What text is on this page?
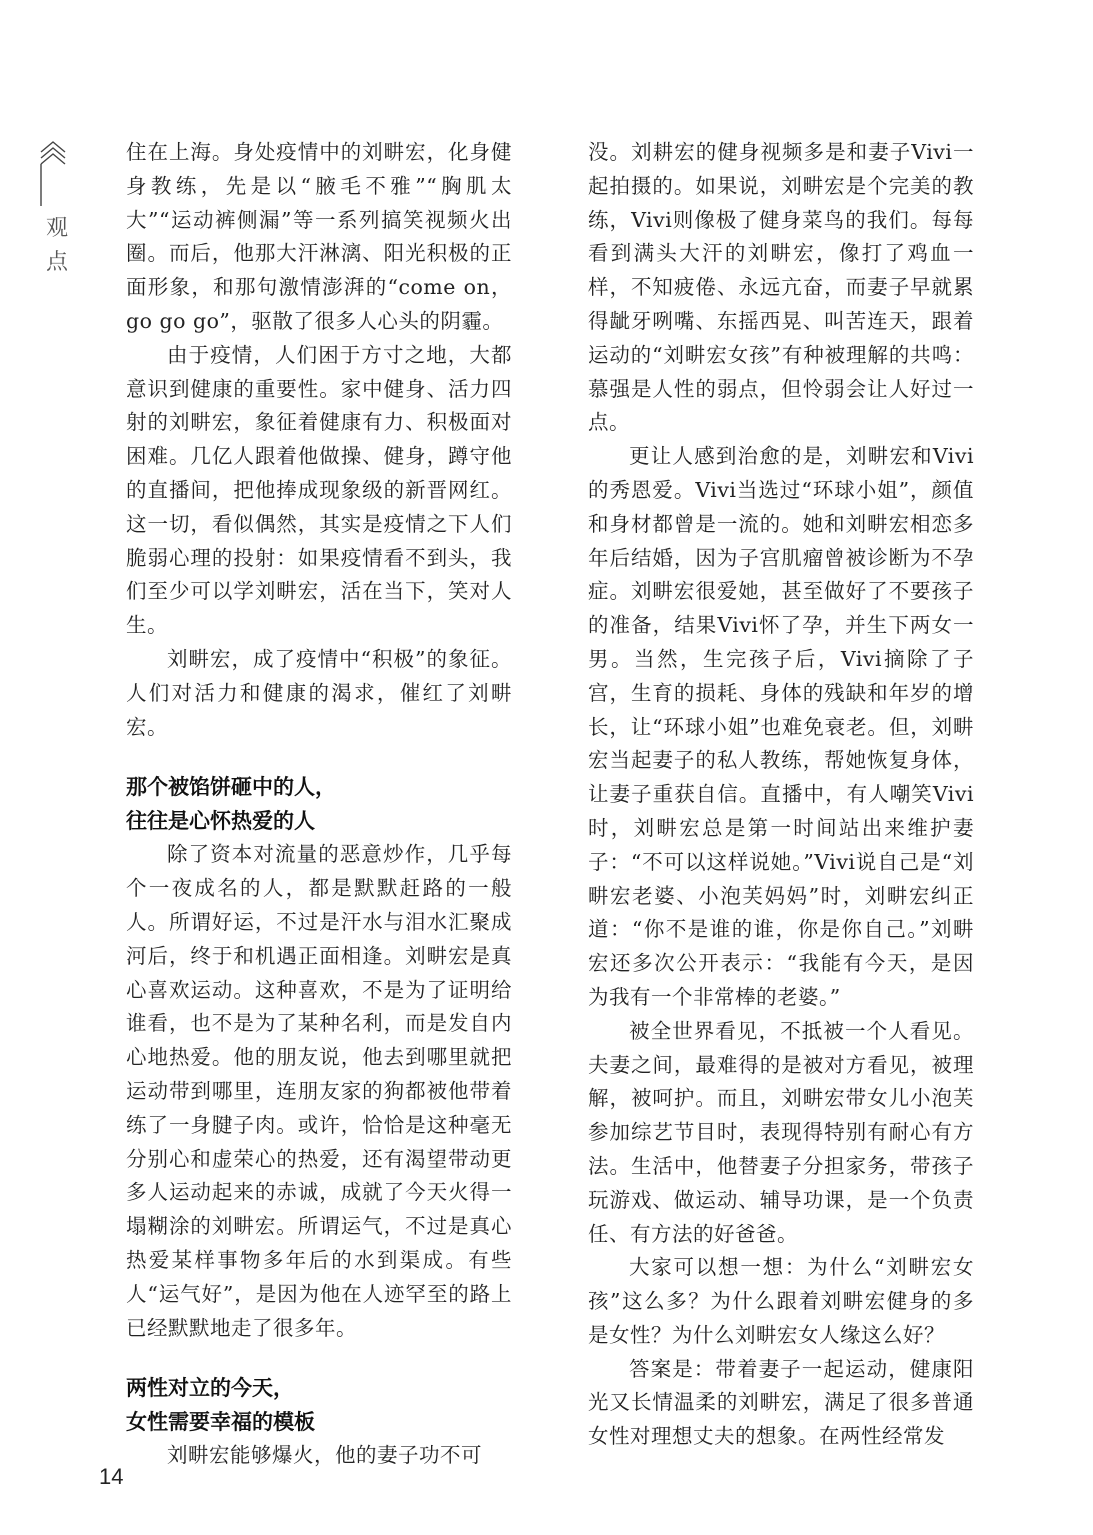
观
点

住在上海。身处疫情中的刘畊宏，化身健身教练，先是以“腋毛不雅”“胸肌太大”“运动裤侧漏”等一系列搞笑视频火出圈。而后，他那大汗淋漓、阳光积极的正面形象，和那句激情澎湃的“come on，go go go”，驱散了很多人心头的阴霾。

由于疫情，人们困于方寸之地，大都意识到健康的重要性。家中健身、活力四射的刘畊宏，象征着健康有力、积极面对困难。几亿人跟着他做操、健身，蹲守他的直播间，把他捧成现象级的新晋网红。这一切，看似偶然，其实是疫情之下人们脆弱心理的投射：如果疫情看不到头，我们至少可以学刘畊宏，活在当下，笑对人生。

刘畊宏，成了疫情中“积极”的象征。人们对活力和健康的渴求，催红了刘畊宏。

那个被馅饼砸中的人，

往往是心怀热爱的人

除了资本对流量的恶意炒作，几乎每个一夜成名的人，都是默默赶路的一般人。所谓好运，不过是汗水与泪水汇聚成河后，终于和机遇正面相逢。刘畊宏是真心喜欢运动。这种喜欢，不是为了证明给谁看，也不是为了某种名利，而是发自内心地热爱。他的朋友说，他去到哪里就把运动带到哪里，连朋友家的狗都被他带着练了一身腱子肉。或许，恰恰是这种毫无分别心和虚荣心的热爱，还有渴望带动更多人运动起来的赤诚，成就了今天火得一塌糊涂的刘畊宏。所谓运气，不过是真心热爱某样事物多年后的水到渠成。有些人“运气好”，是因为他在人迹罕至的路上已经默默地走了很多年。

两性对立的今天，

女性需要幸福的模板

刘畊宏能够爆火，他的妻子功不可

没。刘耕宏的健身视频多是和妻子Vivi一起拍摄的。如果说，刘畊宏是个完美的教练，Vivi则像极了健身菜鸟的我们。每每看到满头大汗的刘畊宏，像打了鸡血一样，不知疲倦、永远亢奋，而妻子早就累得龇牙咧嘴、东摇西晃、叫苦连天，跟着运动的“刘畊宏女孩”有种被理解的共鸣：慕强是人性的弱点，但怜弱会让人好过一点。

更让人感到治愈的是，刘畊宏和Vivi的秀恩爱。Vivi当选过“环球小姐”，颜值和身材都曾是一流的。她和刘畊宏相恋多年后结婚，因为子宫肌瘤曾被诊断为不孕症。刘畊宏很爱她，甚至做好了不要孩子的准备，结果Vivi怀了孕，并生下两女一男。当然，生完孩子后，Vivi摘除了子宫，生育的损耗、身体的残缺和年岁的增长，让“环球小姐”也难免衰老。但，刘畊宏当起妻子的私人教练，帮她恢复身体，让妻子重获自信。直播中，有人嘲笑Vivi时，刘畊宏总是第一时间站出来维护妻子：“不可以这样说她。”Vivi说自己是“刘畊宏老婆、小泡芙妈妈”时，刘畊宏纠正道：“你不是谁的谁，你是你自己。”刘畊宏还多次公开表示：“我能有今天，是因为我有一个非常棒的老婆。”

被全世界看见，不抵被一个人看见。夫妻之间，最难得的是被对方看见，被理解，被呵护。而且，刘畊宏带女儿小泡芙参加综艺节目时，表现得特别有耐心有方法。生活中，他替妻子分担家务，带孩子玩游戏、做运动、辅导功课，是一个负责任、有方法的好爸爸。

大家可以想一想：为什么“刘畊宏女孩”这么多？为什么跟着刘畊宏健身的多是女性？为什么刘畊宏女人缘这么好？

答案是：带着妻子一起运动，健康阳光又长情温柔的刘畊宏，满足了很多普通女性对理想丈夫的想象。在两性经常发

14
